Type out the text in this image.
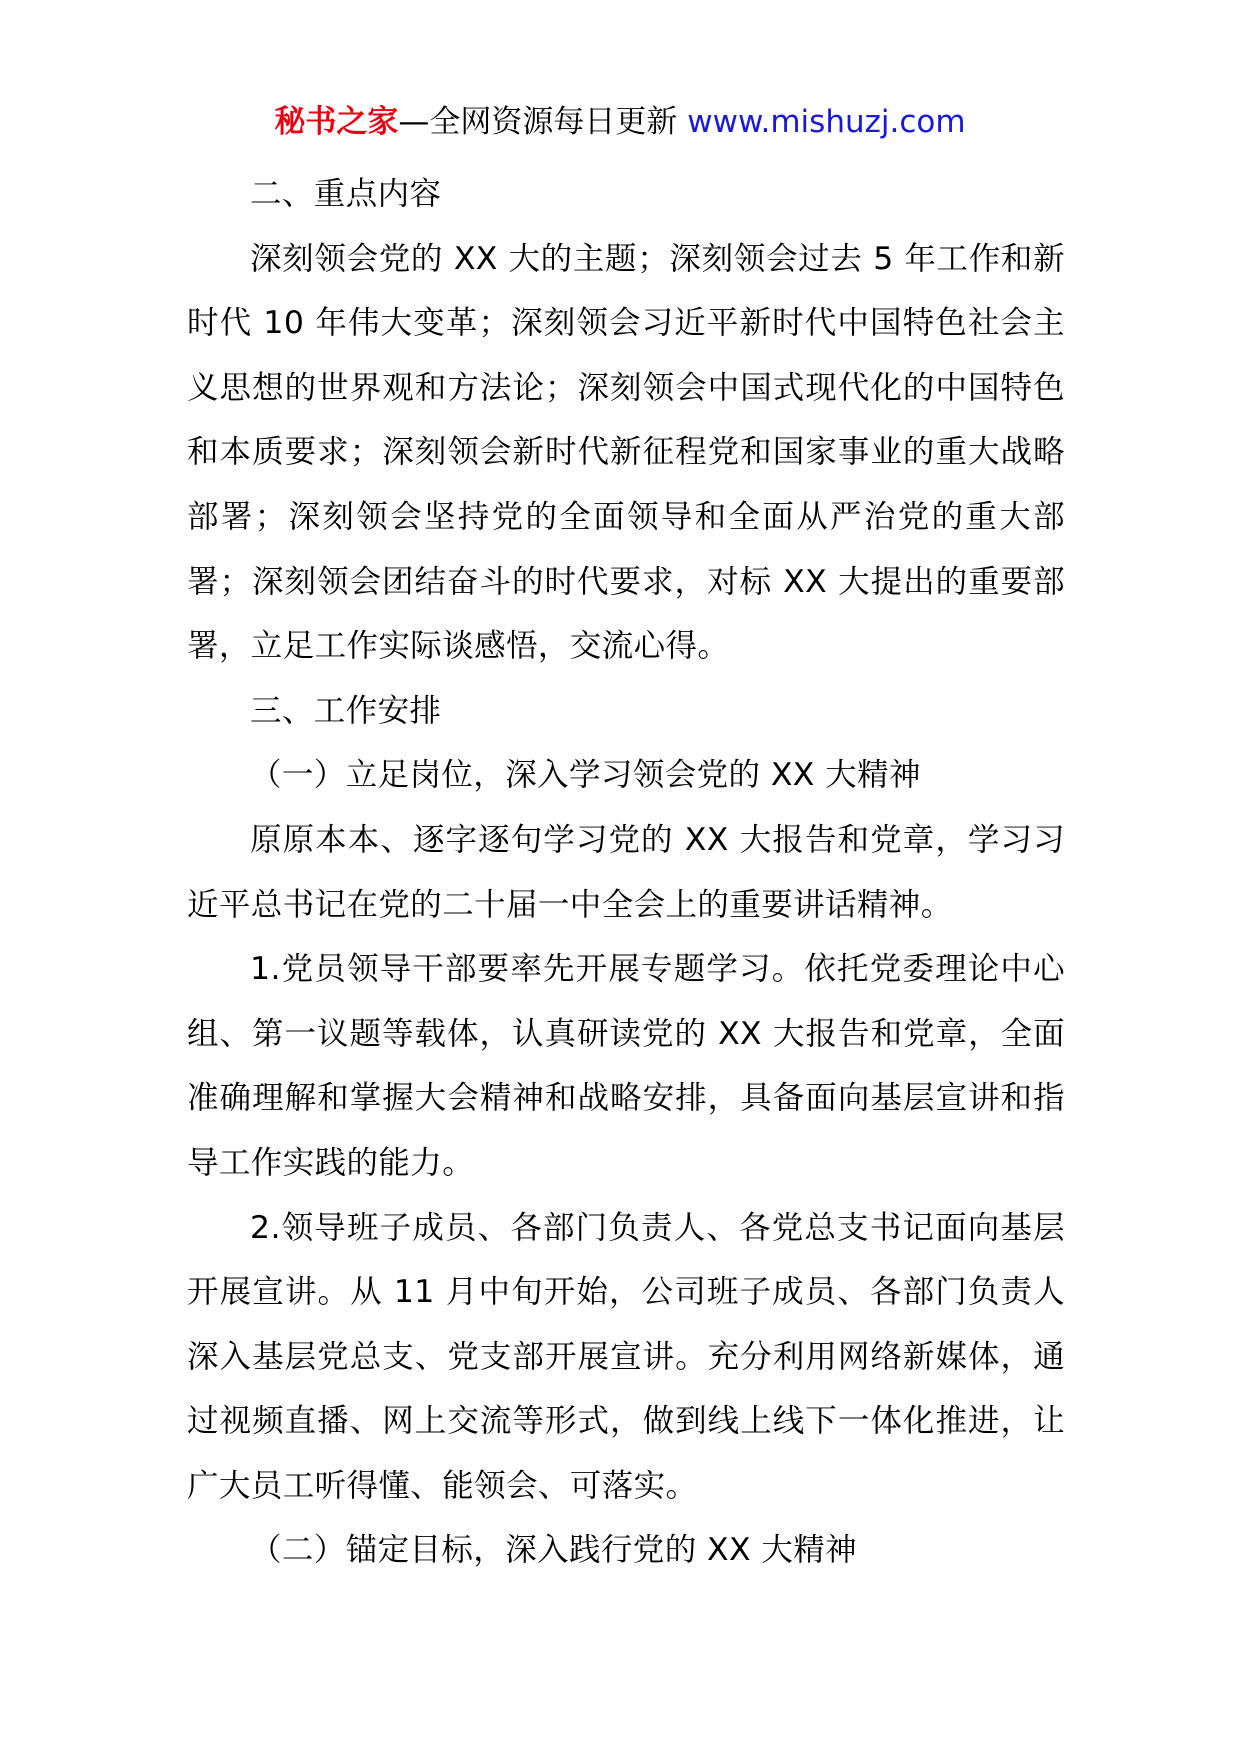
秘书之家—全网资源每日更新 www.mishuzj.com

二、重点内容

深刻领会党的 XX 大的主题；深刻领会过去 5 年工作和新时代 10 年伟大变革；深刻领会习近平新时代中国特色社会主义思想的世界观和方法论；深刻领会中国式现代化的中国特色和本质要求；深刻领会新时代新征程党和国家事业的重大战略部署；深刻领会坚持党的全面领导和全面从严治党的重大部署；深刻领会团结奋斗的时代要求，对标 XX 大提出的重要部署，立足工作实际谈感悟，交流心得。

三、工作安排

（一）立足岗位，深入学习领会党的 XX 大精神

原原本本、逐字逐句学习党的 XX 大报告和党章，学习习近平总书记在党的二十届一中全会上的重要讲话精神。

1.党员领导干部要率先开展专题学习。依托党委理论中心组、第一议题等载体，认真研读党的 XX 大报告和党章，全面准确理解和掌握大会精神和战略安排，具备面向基层宣讲和指导工作实践的能力。

2.领导班子成员、各部门负责人、各党总支书记面向基层开展宣讲。从 11 月中旬开始，公司班子成员、各部门负责人深入基层党总支、党支部开展宣讲。充分利用网络新媒体，通过视频直播、网上交流等形式，做到线上线下一体化推进，让广大员工听得懂、能领会、可落实。

（二）锚定目标，深入践行党的 XX 大精神
